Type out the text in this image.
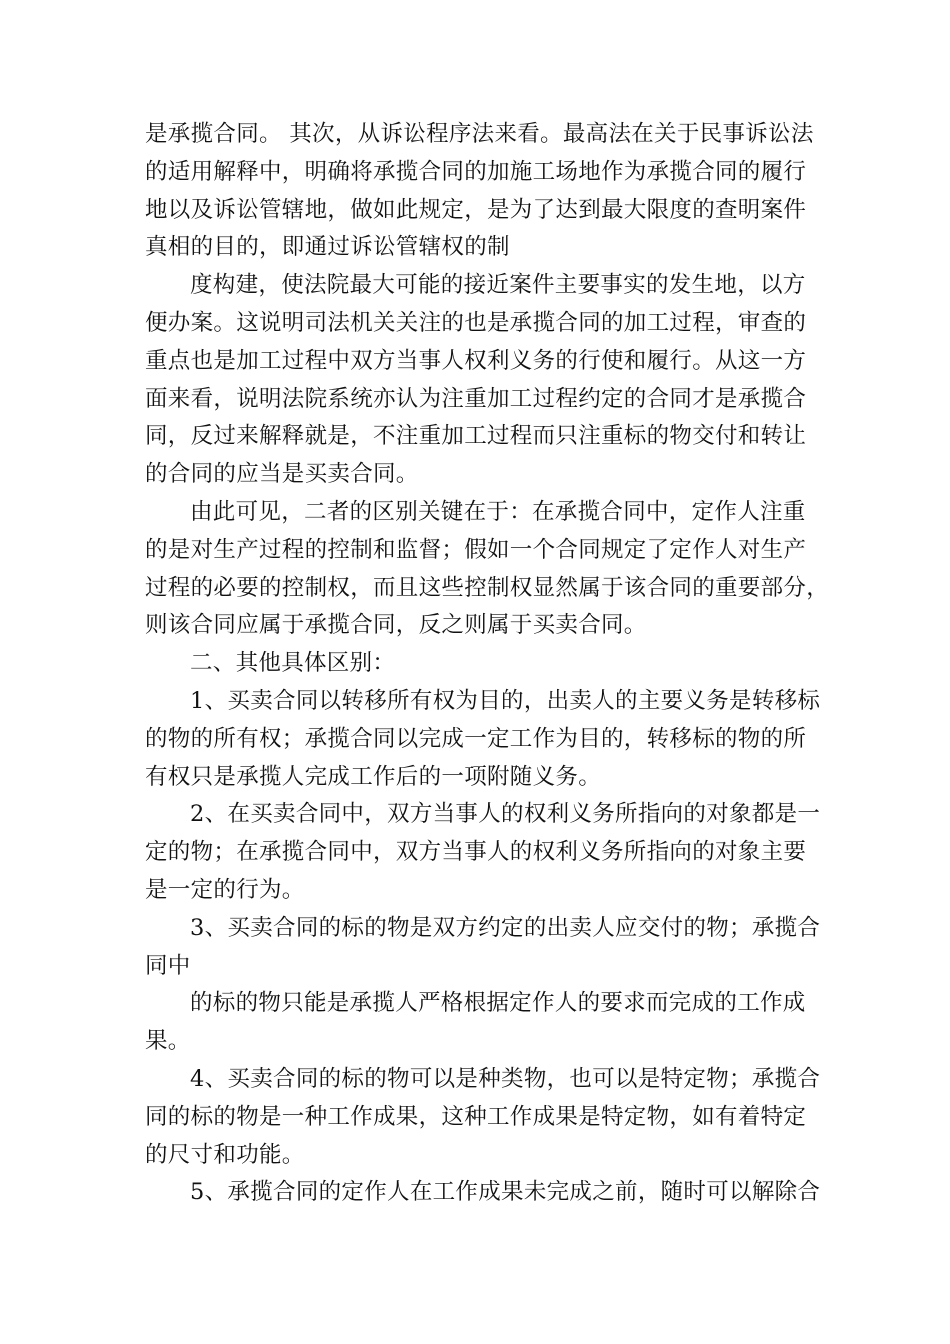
是承揽合同。 其次，从诉讼程序法来看。最高法在关于民事诉讼法
的适用解释中，明确将承揽合同的加施工场地作为承揽合同的履行
地以及诉讼管辖地，做如此规定，是为了达到最大限度的查明案件
真相的目的，即通过诉讼管辖权的制

度构建，使法院最大可能的接近案件主要事实的发生地，以方
便办案。这说明司法机关关注的也是承揽合同的加工过程，审查的
重点也是加工过程中双方当事人权利义务的行使和履行。从这一方
面来看，说明法院系统亦认为注重加工过程约定的合同才是承揽合
同，反过来解释就是，不注重加工过程而只注重标的物交付和转让
的合同的应当是买卖合同。

由此可见，二者的区别关键在于：在承揽合同中，定作人注重
的是对生产过程的控制和监督；假如一个合同规定了定作人对生产
过程的必要的控制权，而且这些控制权显然属于该合同的重要部分，
则该合同应属于承揽合同，反之则属于买卖合同。

二、其他具体区别：

1、买卖合同以转移所有权为目的，出卖人的主要义务是转移标
的物的所有权；承揽合同以完成一定工作为目的，转移标的物的所
有权只是承揽人完成工作后的一项附随义务。

2、在买卖合同中，双方当事人的权利义务所指向的对象都是一
定的物；在承揽合同中，双方当事人的权利义务所指向的对象主要
是一定的行为。

3、买卖合同的标的物是双方约定的出卖人应交付的物；承揽合
同中

的标的物只能是承揽人严格根据定作人的要求而完成的工作成
果。

4、买卖合同的标的物可以是种类物，也可以是特定物；承揽合
同的标的物是一种工作成果，这种工作成果是特定物，如有着特定
的尺寸和功能。

5、承揽合同的定作人在工作成果未完成之前，随时可以解除合
